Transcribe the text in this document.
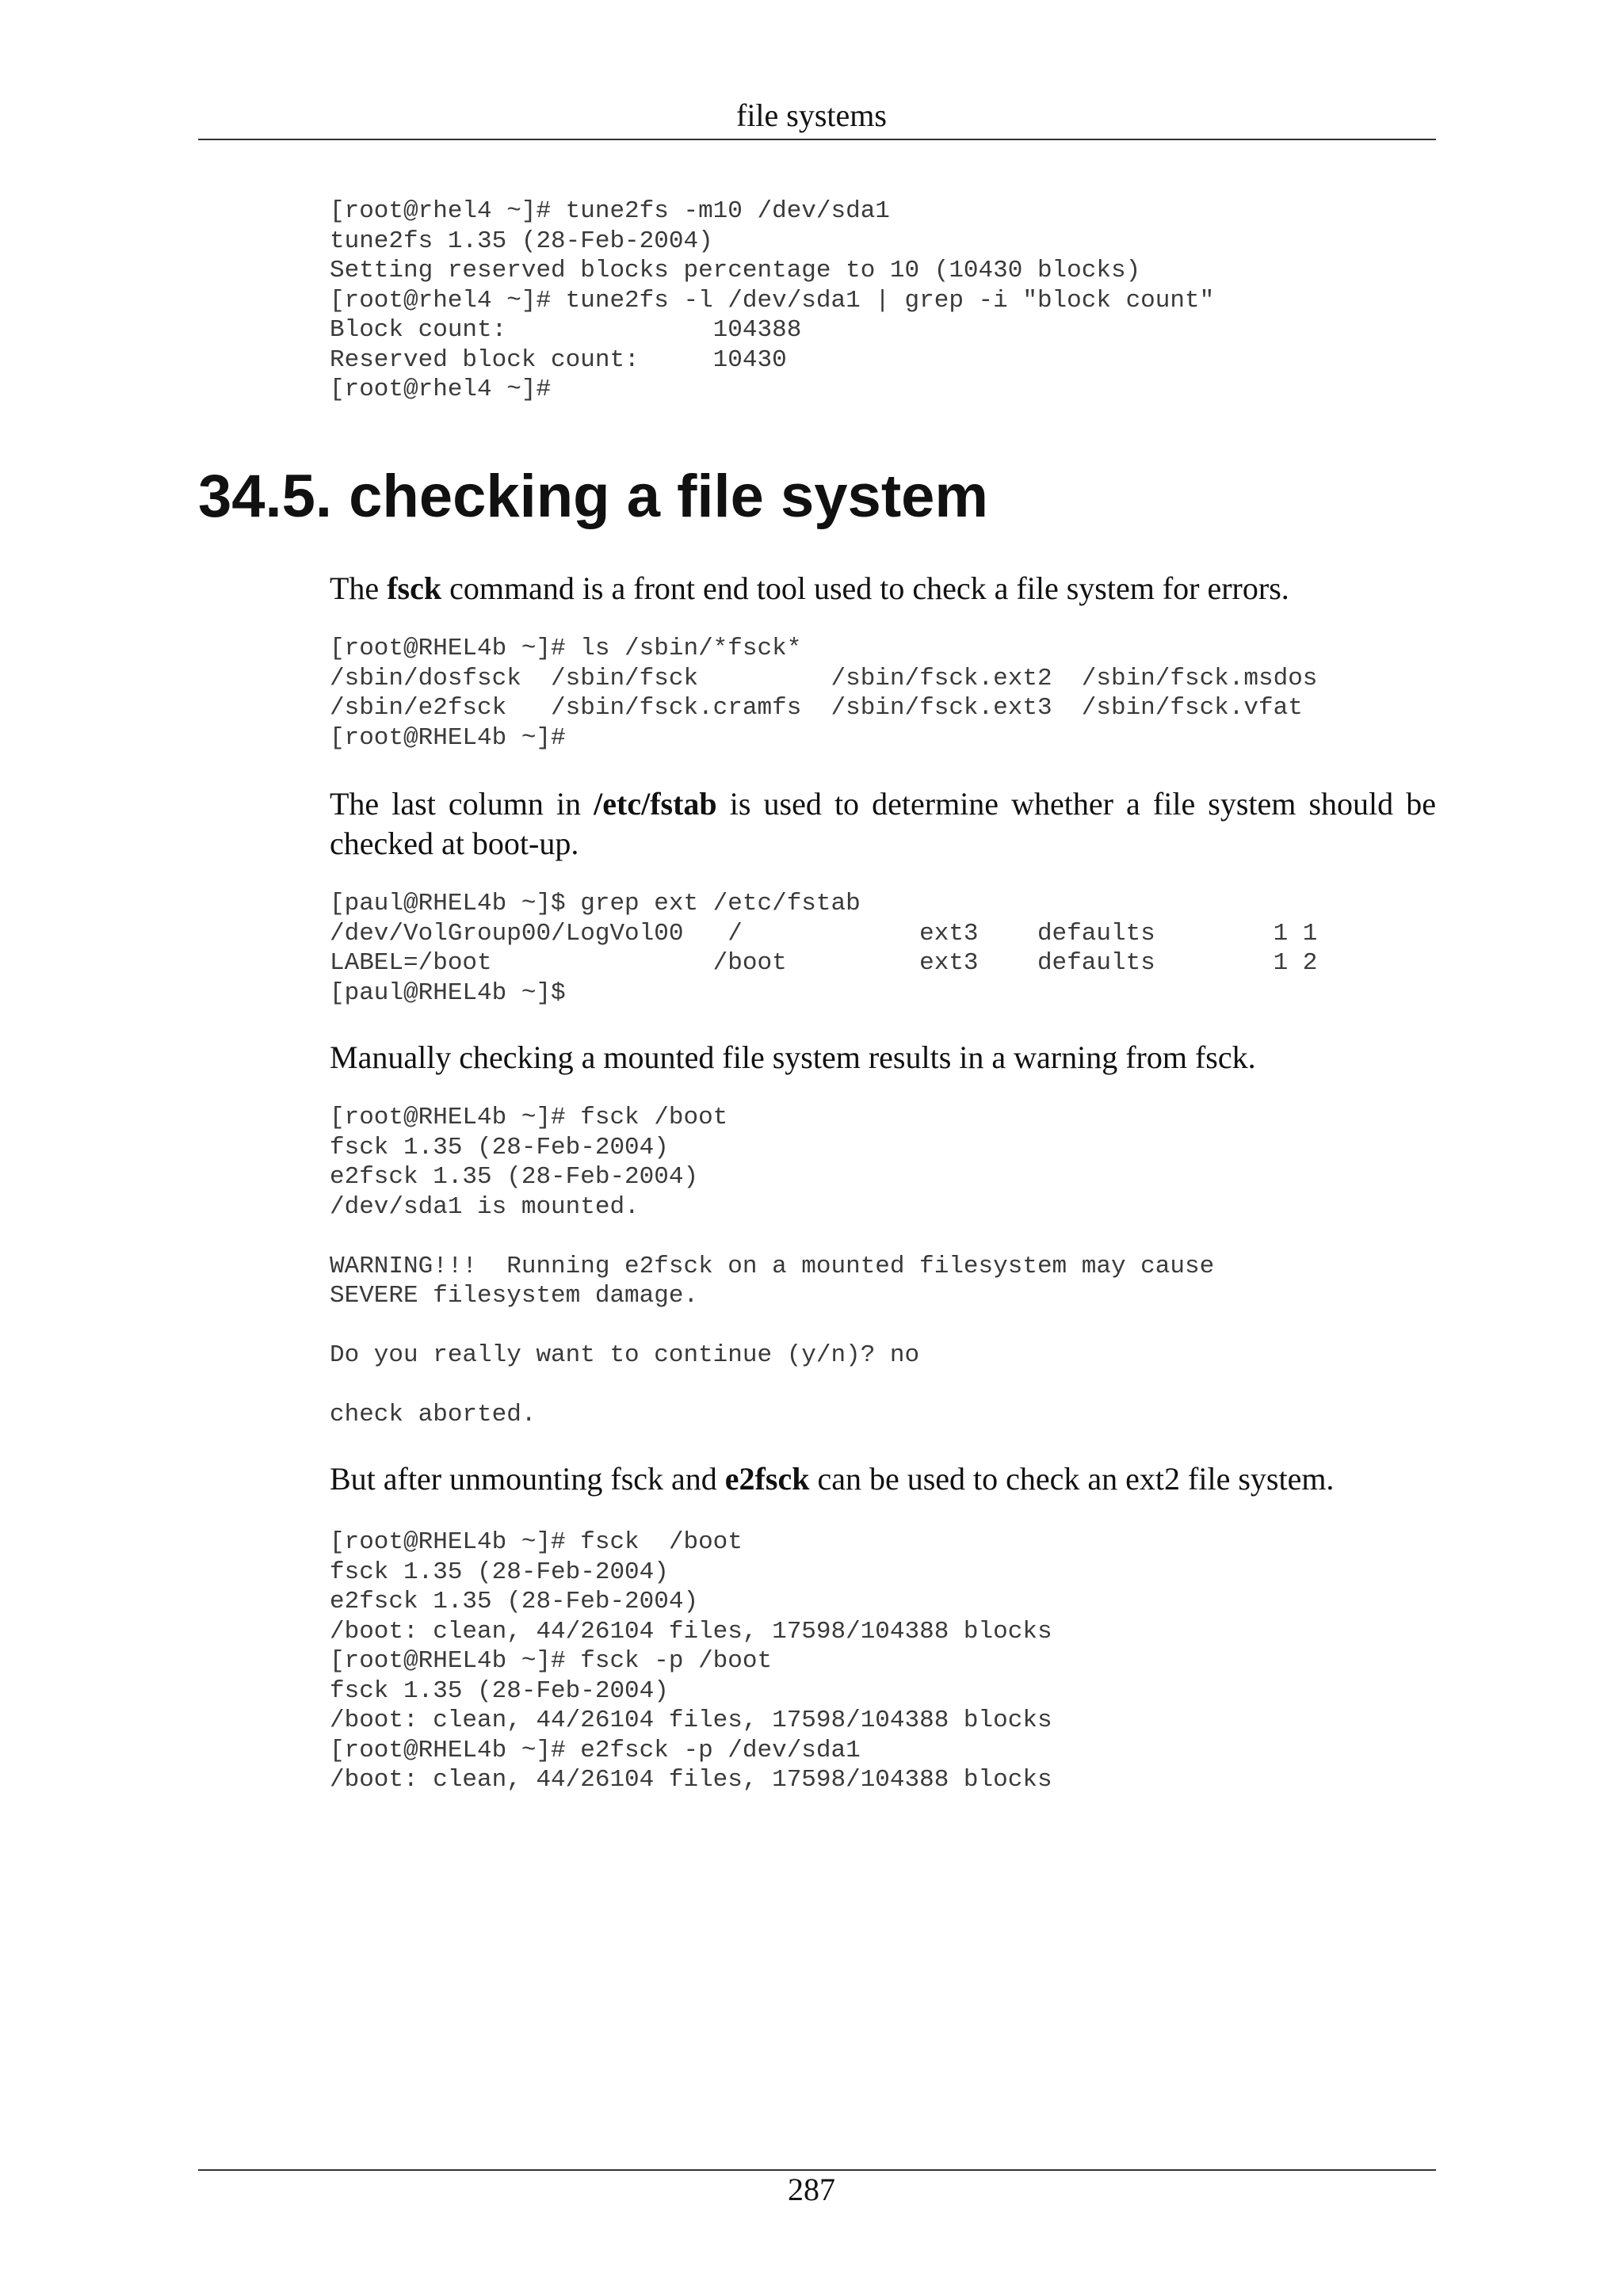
file systems
[root@rhel4 ~]# tune2fs -m10 /dev/sda1
tune2fs 1.35 (28-Feb-2004)
Setting reserved blocks percentage to 10 (10430 blocks)
[root@rhel4 ~]# tune2fs -l /dev/sda1 | grep -i "block count"
Block count:              104388
Reserved block count:     10430
[root@rhel4 ~]#
34.5. checking a file system

The fsck command is a front end tool used to check a file system for errors.

[root@RHEL4b ~]# ls /sbin/*fsck*
/sbin/dosfsck  /sbin/fsck         /sbin/fsck.ext2  /sbin/fsck.msdos
/sbin/e2fsck   /sbin/fsck.cramfs  /sbin/fsck.ext3  /sbin/fsck.vfat
[root@RHEL4b ~]#

The last column in /etc/fstab is used to determine whether a file system should be checked at boot-up.

[paul@RHEL4b ~]$ grep ext /etc/fstab
/dev/VolGroup00/LogVol00   /            ext3    defaults        1 1
LABEL=/boot               /boot         ext3    defaults        1 2
[paul@RHEL4b ~]$

Manually checking a mounted file system results in a warning from fsck.

[root@RHEL4b ~]# fsck /boot
fsck 1.35 (28-Feb-2004)
e2fsck 1.35 (28-Feb-2004)
/dev/sda1 is mounted.

WARNING!!!  Running e2fsck on a mounted filesystem may cause
SEVERE filesystem damage.

Do you really want to continue (y/n)? no

check aborted.

But after unmounting fsck and e2fsck can be used to check an ext2 file system.

[root@RHEL4b ~]# fsck  /boot
fsck 1.35 (28-Feb-2004)
e2fsck 1.35 (28-Feb-2004)
/boot: clean, 44/26104 files, 17598/104388 blocks
[root@RHEL4b ~]# fsck -p /boot
fsck 1.35 (28-Feb-2004)
/boot: clean, 44/26104 files, 17598/104388 blocks
[root@RHEL4b ~]# e2fsck -p /dev/sda1
/boot: clean, 44/26104 files, 17598/104388 blocks
287
